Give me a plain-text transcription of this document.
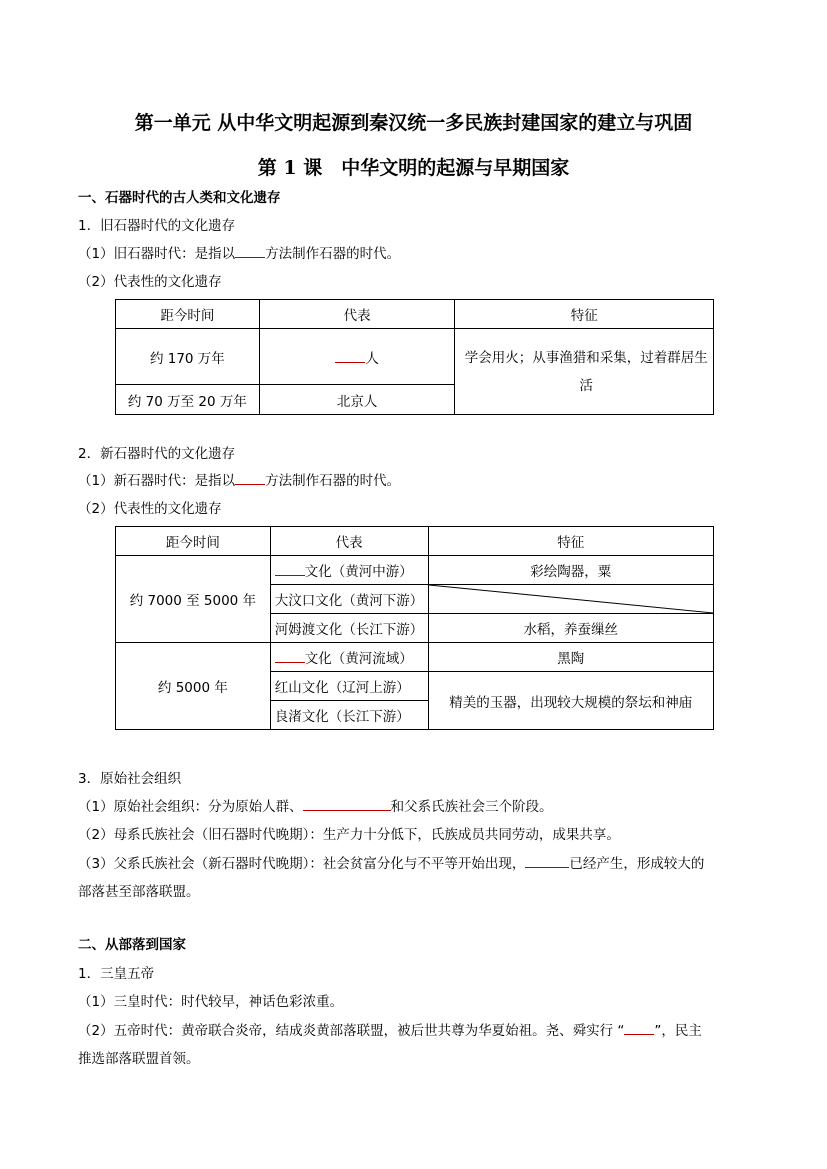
第一单元 从中华文明起源到秦汉统一多民族封建国家的建立与巩固
第 1 课　中华文明的起源与早期国家
一、石器时代的古人类和文化遗存
1．旧石器时代的文化遗存
（1）旧石器时代：是指以 方法制作石器的时代。
（2）代表性的文化遗存
距今时间	代表	特征
约 170 万年	人	学会用火；从事渔猎和采集，过着群居生活
约 70 万至 20 万年	北京人	
2．新石器时代的文化遗存
（1）新石器时代：是指以 方法制作石器的时代。
（2）代表性的文化遗存
距今时间	代表	特征
约 7000 至 5000 年	文化（黄河中游）	彩绘陶器，粟
	大汶口文化（黄河下游）	

	河姆渡文化（长江下游）	水稻，养蚕缫丝
约 5000 年	文化（黄河流域）	黑陶
	红山文化（辽河上游）	精美的玉器，出现较大规模的祭坛和神庙
	良渚文化（长江下游）	
3．原始社会组织
（1）原始社会组织：分为原始人群、	和父系氏族社会三个阶段。
（2）母系氏族社会（旧石器时代晚期）：生产力十分低下，氏族成员共同劳动，成果共享。
（3）父系氏族社会（新石器时代晚期）：社会贫富分化与不平等开始出现，	已经产生，形成较大的
部落甚至部落联盟。
二、从部落到国家
1．三皇五帝
（1）三皇时代：时代较早，神话色彩浓重。
（2）五帝时代：黄帝联合炎帝，结成炎黄部落联盟，被后世共尊为华夏始祖。尧、舜实行 “ ”，民主
推选部落联盟首领。
